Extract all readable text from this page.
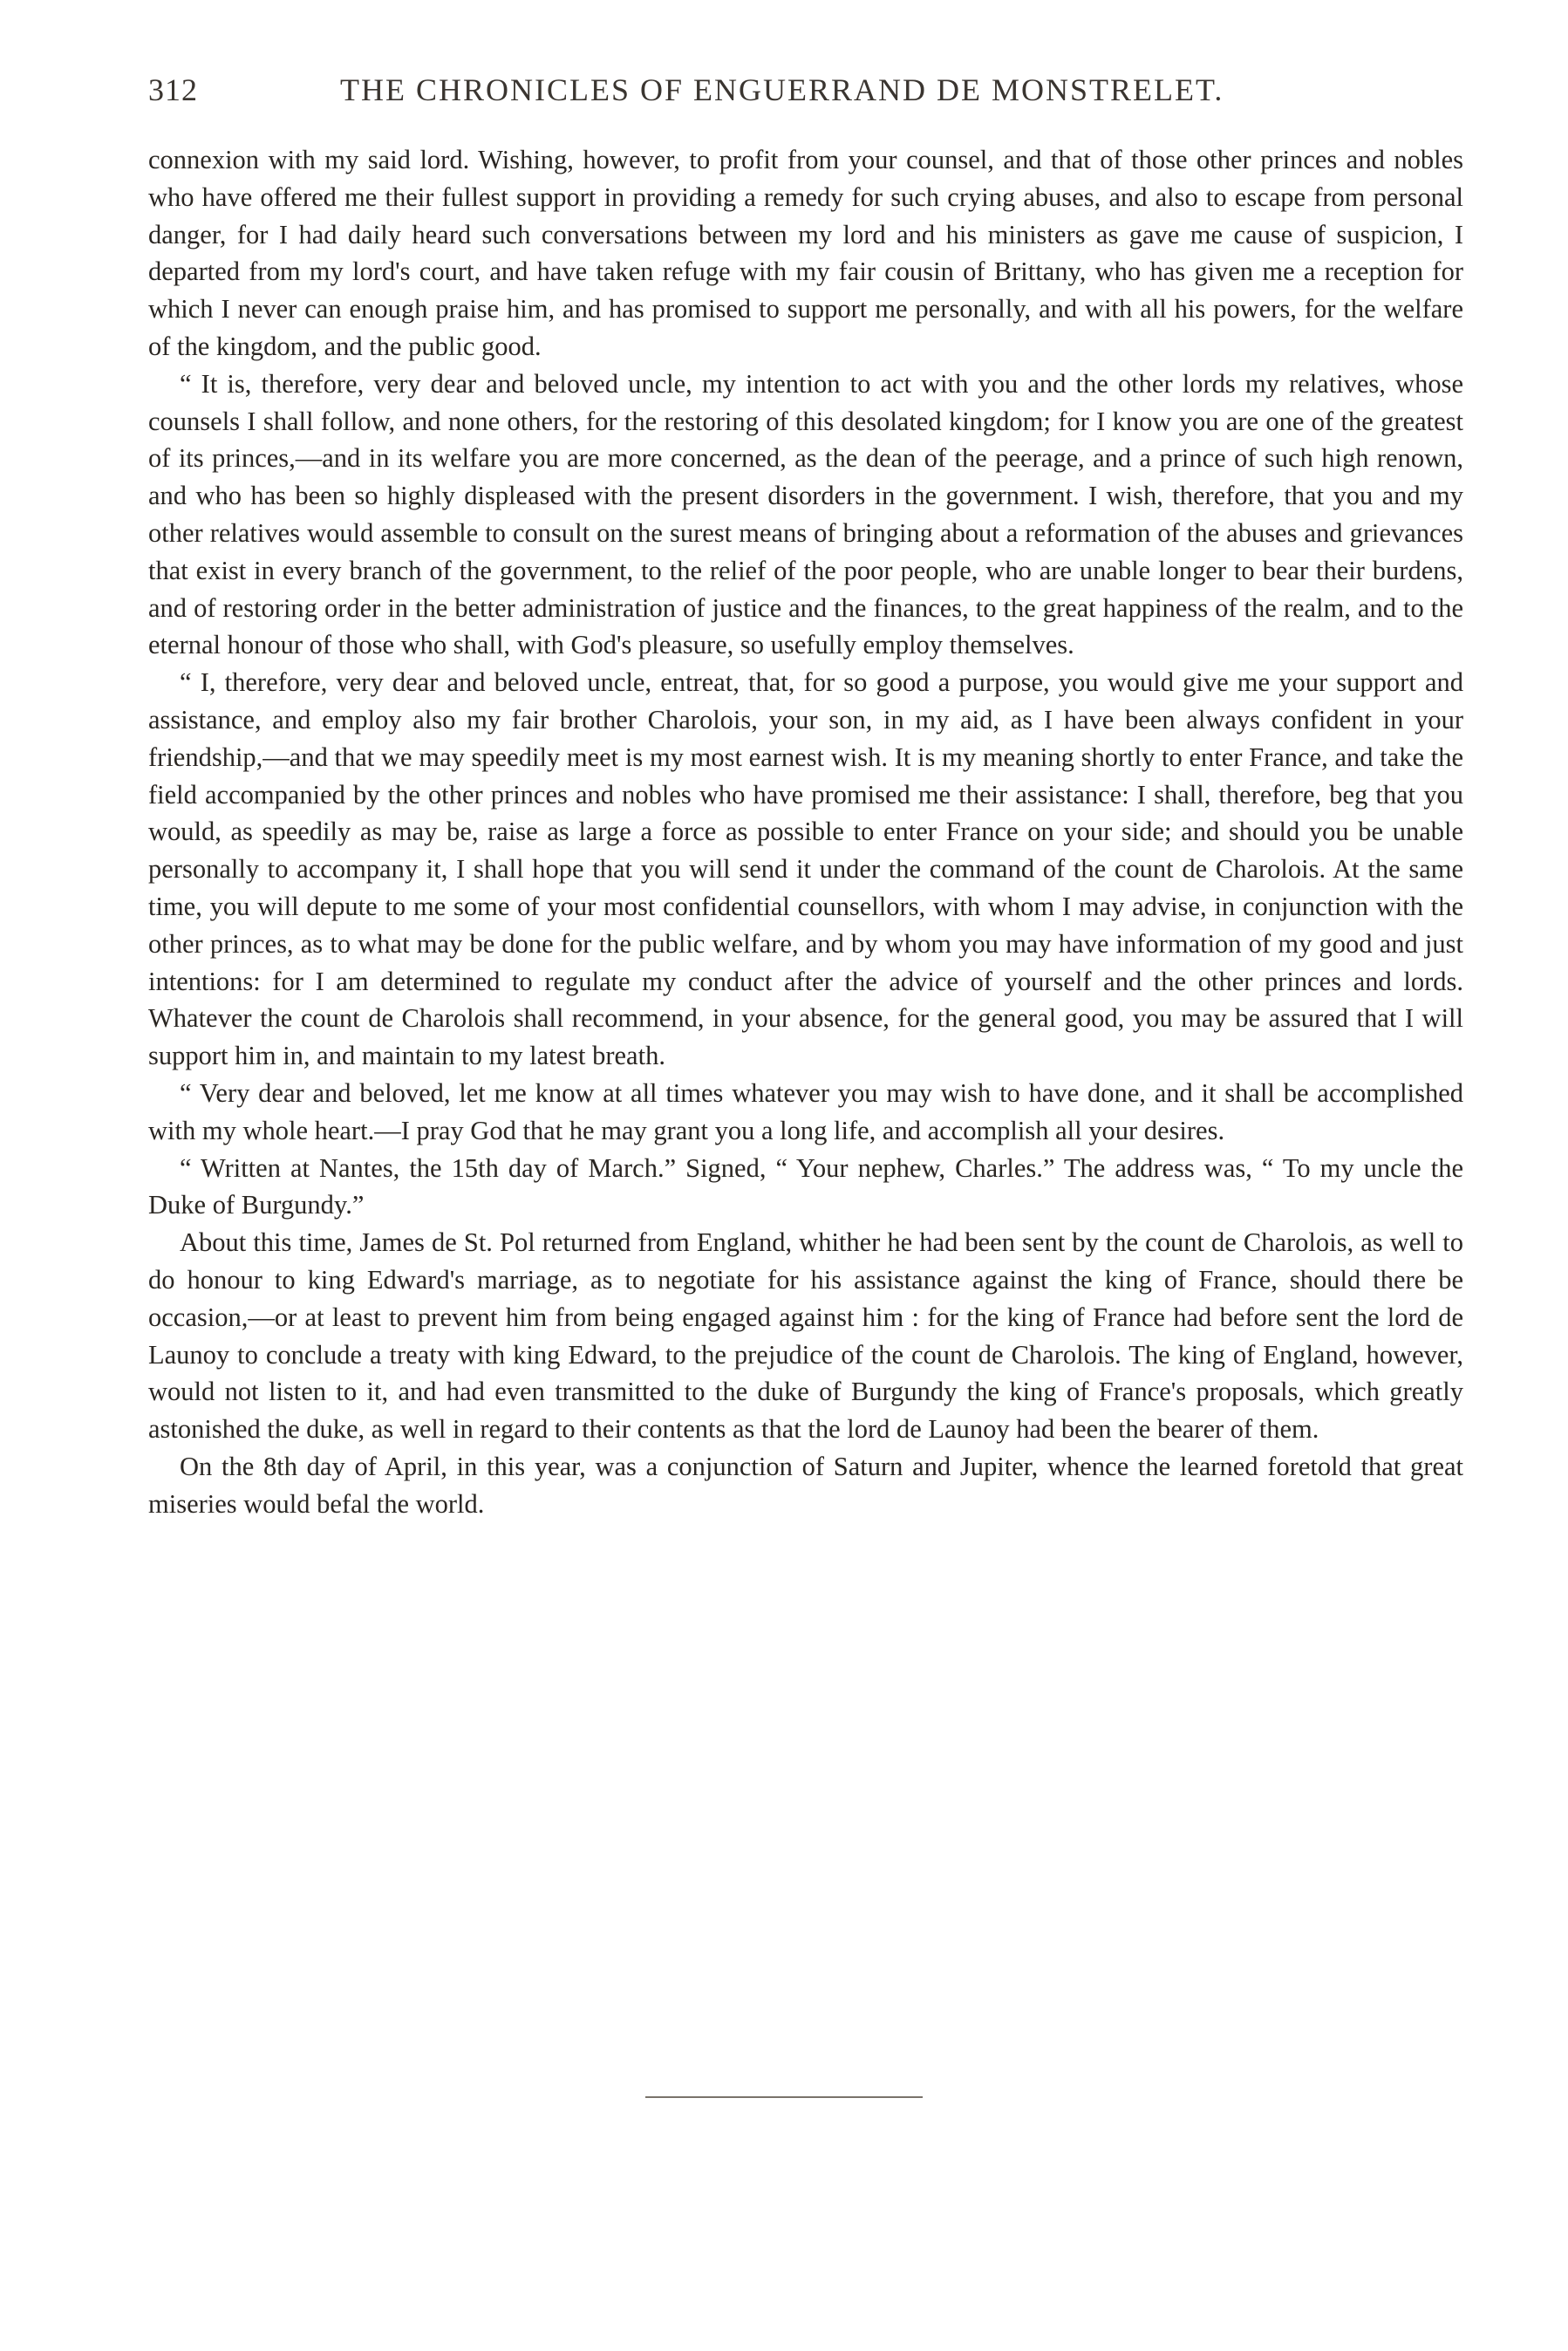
312	THE CHRONICLES OF ENGUERRAND DE MONSTRELET.

connexion with my said lord. Wishing, however, to profit from your counsel, and that of those other princes and nobles who have offered me their fullest support in providing a remedy for such crying abuses, and also to escape from personal danger, for I had daily heard such conversations between my lord and his ministers as gave me cause of suspicion, I departed from my lord's court, and have taken refuge with my fair cousin of Brittany, who has given me a reception for which I never can enough praise him, and has promised to support me personally, and with all his powers, for the welfare of the kingdom, and the public good.

“ It is, therefore, very dear and beloved uncle, my intention to act with you and the other lords my relatives, whose counsels I shall follow, and none others, for the restoring of this desolated kingdom; for I know you are one of the greatest of its princes,—and in its welfare you are more concerned, as the dean of the peerage, and a prince of such high renown, and who has been so highly displeased with the present disorders in the government. I wish, therefore, that you and my other relatives would assemble to consult on the surest means of bringing about a reformation of the abuses and grievances that exist in every branch of the government, to the relief of the poor people, who are unable longer to bear their burdens, and of restoring order in the better administration of justice and the finances, to the great happiness of the realm, and to the eternal honour of those who shall, with God's pleasure, so usefully employ themselves.

“ I, therefore, very dear and beloved uncle, entreat, that, for so good a purpose, you would give me your support and assistance, and employ also my fair brother Charolois, your son, in my aid, as I have been always confident in your friendship,—and that we may speedily meet is my most earnest wish. It is my meaning shortly to enter France, and take the field accompanied by the other princes and nobles who have promised me their assistance: I shall, therefore, beg that you would, as speedily as may be, raise as large a force as possible to enter France on your side; and should you be unable personally to accompany it, I shall hope that you will send it under the command of the count de Charolois. At the same time, you will depute to me some of your most confidential counsellors, with whom I may advise, in conjunction with the other princes, as to what may be done for the public welfare, and by whom you may have information of my good and just intentions: for I am determined to regulate my conduct after the advice of yourself and the other princes and lords. Whatever the count de Charolois shall recommend, in your absence, for the general good, you may be assured that I will support him in, and maintain to my latest breath.

“ Very dear and beloved, let me know at all times whatever you may wish to have done, and it shall be accomplished with my whole heart.—I pray God that he may grant you a long life, and accomplish all your desires.

“ Written at Nantes, the 15th day of March.” Signed, “ Your nephew, Charles.” The address was, “ To my uncle the Duke of Burgundy.”

About this time, James de St. Pol returned from England, whither he had been sent by the count de Charolois, as well to do honour to king Edward's marriage, as to negotiate for his assistance against the king of France, should there be occasion,—or at least to prevent him from being engaged against him : for the king of France had before sent the lord de Launoy to conclude a treaty with king Edward, to the prejudice of the count de Charolois. The king of England, however, would not listen to it, and had even transmitted to the duke of Burgundy the king of France's proposals, which greatly astonished the duke, as well in regard to their contents as that the lord de Launoy had been the bearer of them.

On the 8th day of April, in this year, was a conjunction of Saturn and Jupiter, whence the learned foretold that great miseries would befal the world.
